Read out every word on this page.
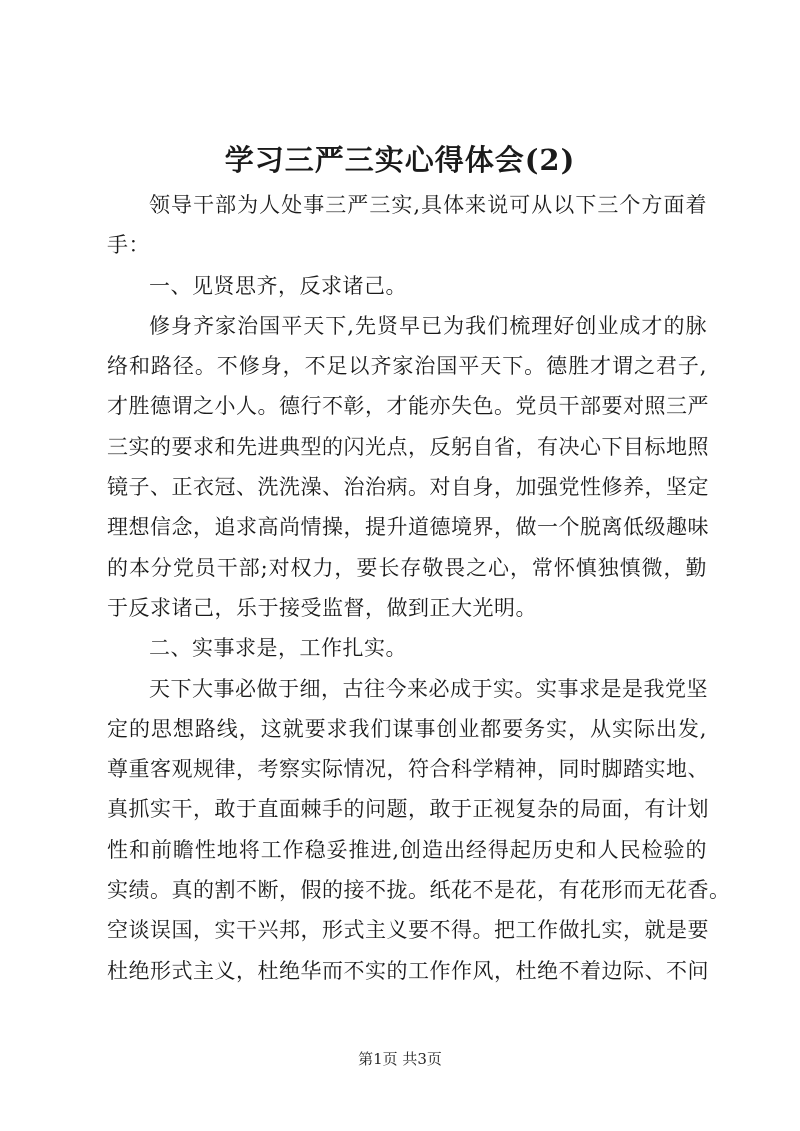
学习三严三实心得体会(2)
领导干部为人处事三严三实,具体来说可从以下三个方面着
手：
一、见贤思齐，反求诸己。
修身齐家治国平天下,先贤早已为我们梳理好创业成才的脉
络和路径。不修身，不足以齐家治国平天下。德胜才谓之君子,
才胜德谓之小人。德行不彰，才能亦失色。党员干部要对照三严
三实的要求和先进典型的闪光点，反躬自省，有决心下目标地照
镜子、正衣冠、洗洗澡、治治病。对自身，加强党性修养，坚定
理想信念，追求高尚情操，提升道德境界，做一个脱离低级趣味
的本分党员干部;对权力，要长存敬畏之心，常怀慎独慎微，勤
于反求诸己，乐于接受监督，做到正大光明。
二、实事求是，工作扎实。
天下大事必做于细，古往今来必成于实。实事求是是我党坚
定的思想路线，这就要求我们谋事创业都要务实，从实际出发,
尊重客观规律，考察实际情况，符合科学精神，同时脚踏实地、
真抓实干，敢于直面棘手的问题，敢于正视复杂的局面，有计划
性和前瞻性地将工作稳妥推进,创造出经得起历史和人民检验的
实绩。真的割不断，假的接不拢。纸花不是花，有花形而无花香。
空谈误国，实干兴邦，形式主义要不得。把工作做扎实，就是要
杜绝形式主义，杜绝华而不实的工作作风，杜绝不着边际、不问
第1页 共3页
